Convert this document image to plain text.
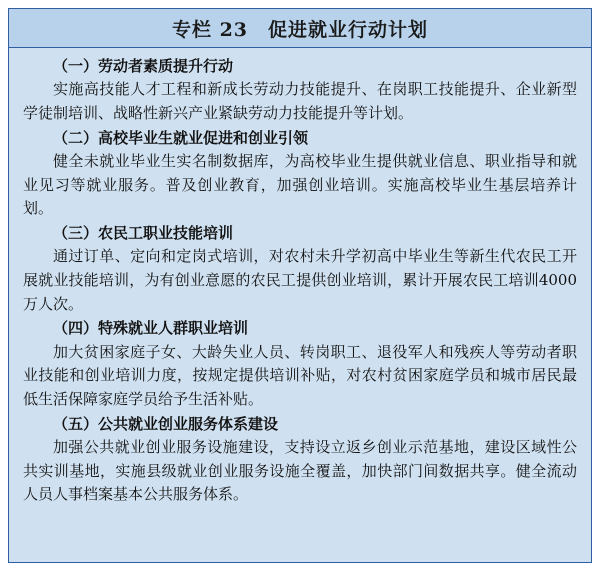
专栏 23　促进就业行动计划
（一）劳动者素质提升行动

实施高技能人才工程和新成长劳动力技能提升、在岗职工技能提升、企业新型学徒制培训、战略性新兴产业紧缺劳动力技能提升等计划。

（二）高校毕业生就业促进和创业引领

健全未就业毕业生实名制数据库，为高校毕业生提供就业信息、职业指导和就业见习等就业服务。普及创业教育，加强创业培训。实施高校毕业生基层培养计划。

（三）农民工职业技能培训

通过订单、定向和定岗式培训，对农村未升学初高中毕业生等新生代农民工开展就业技能培训，为有创业意愿的农民工提供创业培训，累计开展农民工培训4000万人次。

（四）特殊就业人群职业培训

加大贫困家庭子女、大龄失业人员、转岗职工、退役军人和残疾人等劳动者职业技能和创业培训力度，按规定提供培训补贴，对农村贫困家庭学员和城市居民最低生活保障家庭学员给予生活补贴。

（五）公共就业创业服务体系建设

加强公共就业创业服务设施建设，支持设立返乡创业示范基地，建设区域性公共实训基地，实施县级就业创业服务设施全覆盖，加快部门间数据共享。健全流动人员人事档案基本公共服务体系。
